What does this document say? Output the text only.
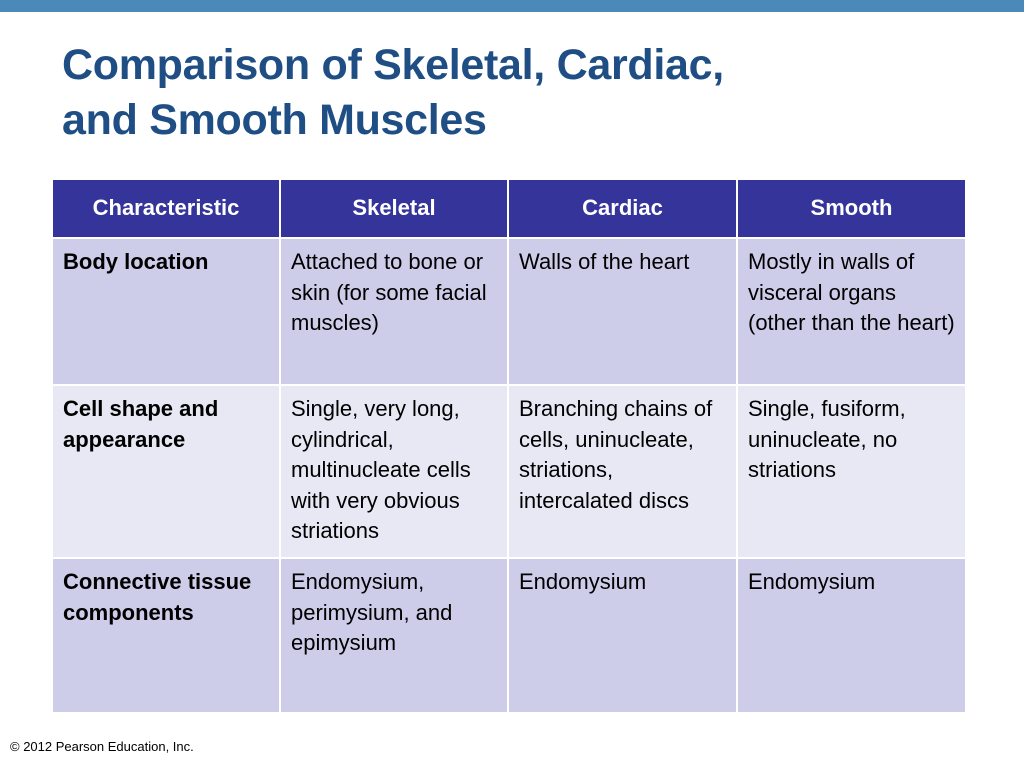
Comparison of Skeletal, Cardiac,
and Smooth Muscles
Characteristic	Skeletal	Cardiac	Smooth
Body location	Attached to bone or skin (for some facial muscles)	Walls of the heart	Mostly in walls of visceral organs (other than the heart)
Cell shape and appearance	Single, very long, cylindrical, multinucleate cells with very obvious striations	Branching chains of cells, uninucleate, striations, intercalated discs	Single, fusiform, uninucleate, no striations
Connective tissue components	Endomysium, perimysium, and epimysium	Endomysium	Endomysium
© 2012 Pearson Education, Inc.
